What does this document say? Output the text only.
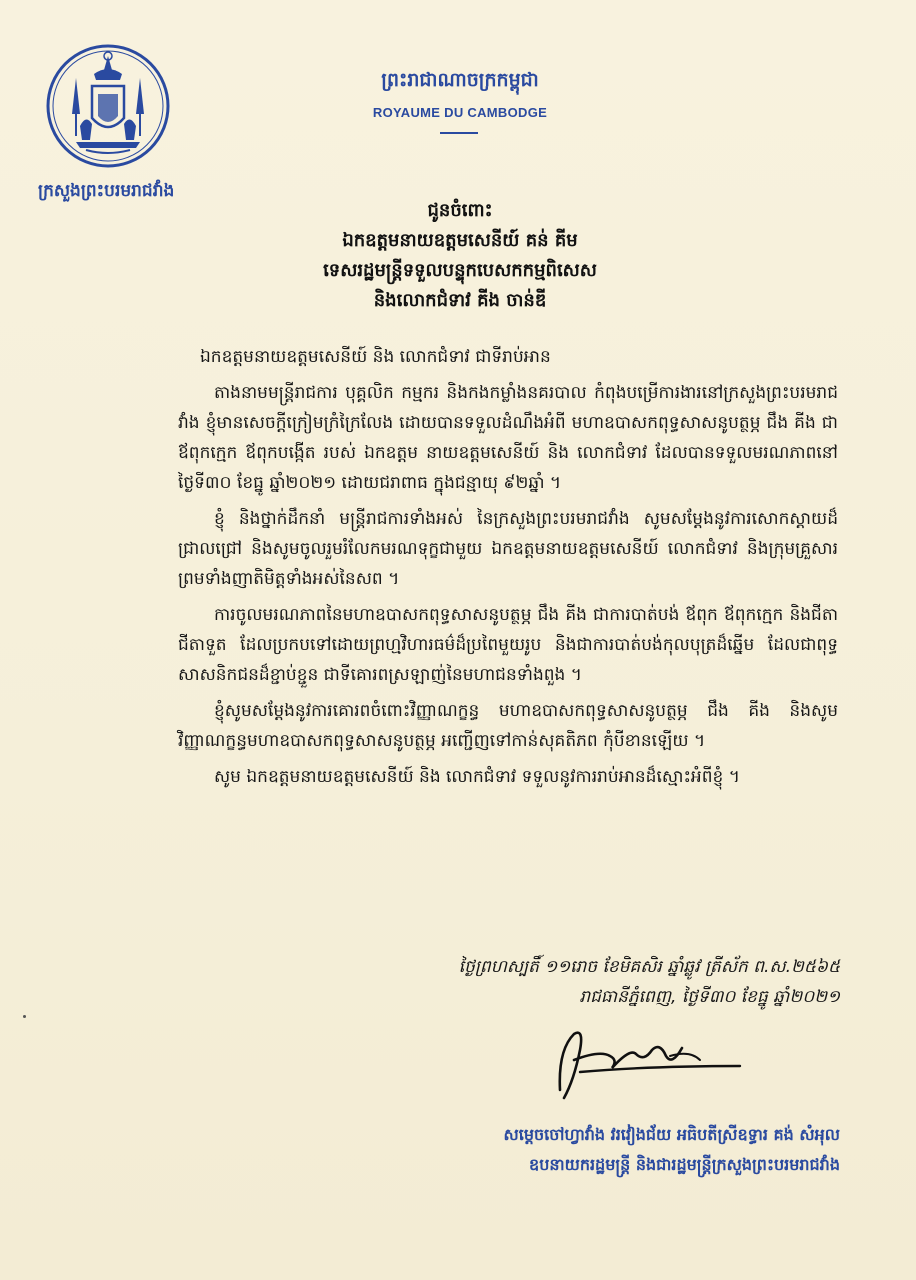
ក្រសួងព្រះបរមរាជវាំង
ព្រះរាជាណាចក្រកម្ពុជា
ROYAUME DU CAMBODGE
ជូនចំពោះ
ឯកឧត្តមនាយឧត្តមសេនីយ៍ គន់ គីម
ទេសរដ្ឋមន្ត្រីទទួលបន្ទុកបេសកកម្មពិសេស
និងលោកជំទាវ គីង ចាន់ឌី

ឯកឧត្តមនាយឧត្តមសេនីយ៍ និង លោកជំទាវ ជាទីរាប់អាន

តាងនាមមន្ត្រីរាជការ បុគ្គលិក កម្មករ និងកងកម្លាំងនគរបាល កំពុងបម្រើការងារនៅក្រសួងព្រះបរមរាជវាំង ខ្ញុំមានសេចក្តីក្រៀមក្រំក្រៃលែង ដោយបានទទួលដំណឹងអំពី មហាឧបាសកពុទ្ធសាសនូបត្ថម្ភ ជឹង គីង ជាឪពុកក្មេក ឪពុកបង្កើត របស់ ឯកឧត្តម នាយឧត្តមសេនីយ៍ និង លោកជំទាវ ដែលបានទទួលមរណភាពនៅថ្ងៃទី៣០ ខែធ្នូ ឆ្នាំ២០២១ ដោយជរាពាធ ក្នុងជន្មាយុ ៩២ឆ្នាំ ។

ខ្ញុំ និងថ្នាក់ដឹកនាំ មន្ត្រីរាជការទាំងអស់ នៃក្រសួងព្រះបរមរាជវាំង សូមសម្តែងនូវការសោកស្តាយដ៏ជ្រាលជ្រៅ និងសូមចូលរួមរំលែកមរណទុក្ខជាមួយ ឯកឧត្តមនាយឧត្តមសេនីយ៍ លោកជំទាវ និងក្រុមគ្រួសារ ព្រមទាំងញាតិមិត្តទាំងអស់នៃសព ។

ការចូលមរណភាពនៃមហាឧបាសកពុទ្ធសាសនូបត្ថម្ភ ជឹង គីង ជាការបាត់បង់ ឪពុក ឪពុកក្មេក និងជីតា ជីតាទួត ដែលប្រកបទៅដោយព្រហ្មវិហារធម៌ដ៏ប្រពៃមួយរូប និងជាការបាត់បង់កុលបុត្រដ៏ឆ្នើម ដែលជាពុទ្ធសាសនិកជនដ៏ខ្ជាប់ខ្ជួន ជាទីគោរពស្រឡាញ់នៃមហាជនទាំងពួង ។

ខ្ញុំសូមសម្តែងនូវការគោរពចំពោះវិញ្ញាណក្ខន្ធ មហាឧបាសកពុទ្ធសាសនូបត្ថម្ភ ជឹង គីង និងសូមវិញ្ញាណក្ខន្ធមហាឧបាសកពុទ្ធសាសនូបត្ថម្ភ អញ្ជើញទៅកាន់សុគតិភព កុំបីខានឡើយ ។

សូម ឯកឧត្តមនាយឧត្តមសេនីយ៍ និង លោកជំទាវ ទទួលនូវការរាប់អានដ៏ស្មោះអំពីខ្ញុំ ។

ថ្ងៃព្រហស្បតិ៍ ១១រោច ខែមិគសិរ ឆ្នាំឆ្លូវ ត្រីស័ក ព.ស.២៥៦៥
រាជធានីភ្នំពេញ, ថ្ងៃទី៣០ ខែធ្នូ ឆ្នាំ២០២១
សម្តេចចៅហ្វាវាំង វរវៀងជ័យ អធិបតីស្រីឧទ្ធារ គង់ សំអុល
ឧបនាយករដ្ឋមន្ត្រី និងជារដ្ឋមន្ត្រីក្រសួងព្រះបរមរាជវាំង
